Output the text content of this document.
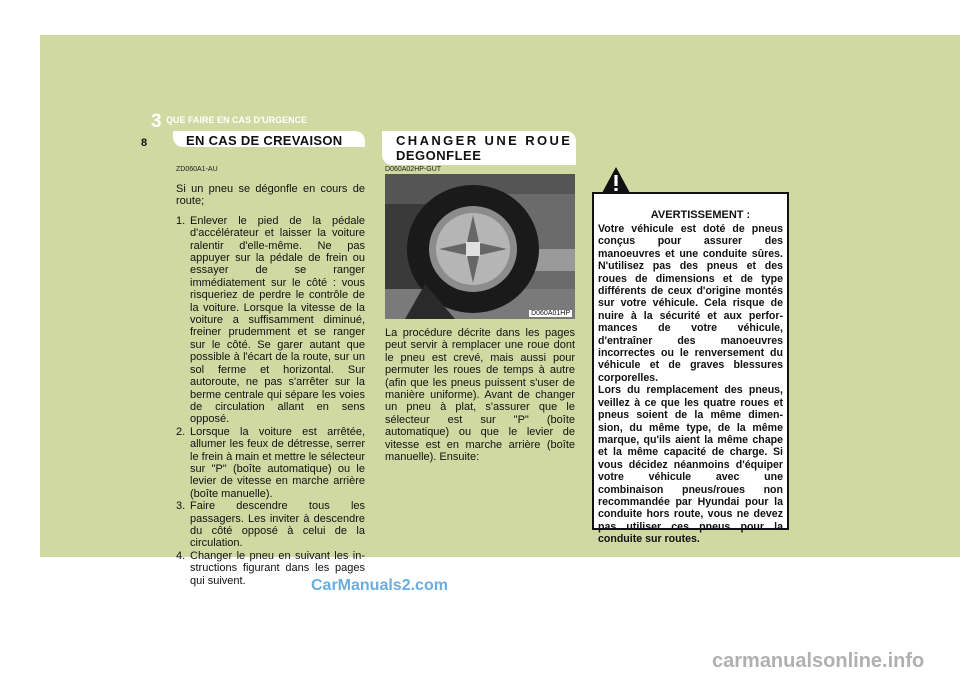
3 QUE FAIRE EN CAS D'URGENCE
8	EN CAS DE CREVAISON	CHANGER UNE ROUE
DEGONFLEE
ZD060A1-AU

Si un pneu se dégonfle en cours de route;

1. Enlever le pied de la pédale d'accélérateur et laisser la voiture ralentir d'elle-même. Ne pas appuyer sur la pédale de frein ou essayer de se ranger immédiatement sur le côté : vous risqueriez de perdre le contrôle de la voiture. Lorsque la vitesse de la voiture a suffisamment diminué, freiner prudemment et se ranger sur le côté. Se garer autant que possible à l'écart de la route, sur un sol ferme et horizontal. Sur autoroute, ne pas s'arrêter sur la berme centrale qui sépare les voies de circulation allant en sens opposé.
2. Lorsque la voiture est arrêtée, allumer les feux de détresse, serrer le frein à main et mettre le sélecteur sur "P" (boîte automatique) ou le levier de vitesse en marche arrière (boîte manuelle).
3. Faire descendre tous les passagers. Les inviter à descendre du côté opposé à celui de la circulation.
4. Changer le pneu en suivant les in-structions figurant dans les pages qui suivent.
D060A02HP-GUT
D060A01HP
La procédure décrite dans les pages peut servir à remplacer une roue dont le pneu est crevé, mais aussi pour permuter les roues de temps à autre (afin que les pneus puissent s'user de manière uniforme). Avant de changer un pneu à plat, s'assurer que le sélecteur est sur "P" (boîte automatique) ou que le levier de vitesse est en marche arrière (boîte manuelle). Ensuite:
AVERTISSEMENT :

Votre véhicule est doté de pneus conçus pour assurer des manoeuvres et une conduite sûres. N'utilisez pas des pneus et des roues de dimensions et de type différents de ceux d'origine montés sur votre véhicule. Cela risque de nuire à la sécurité et aux perfor-mances de votre véhicule, d'entraîner des manoeuvres incorrectes ou le renversement du véhicule et de graves blessures corporelles.

Lors du remplacement des pneus, veillez à ce que les quatre roues et pneus soient de la même dimen-sion, du même type, de la même marque, qu'ils aient la même chape et la même capacité de charge. Si vous décidez néanmoins d'équiper votre véhicule avec une combinaison pneus/roues non recommandée par Hyundai pour la conduite hors route, vous ne devez pas utiliser ces pneus pour la conduite sur routes.

CarManuals2.com
carmanualsonline.info
